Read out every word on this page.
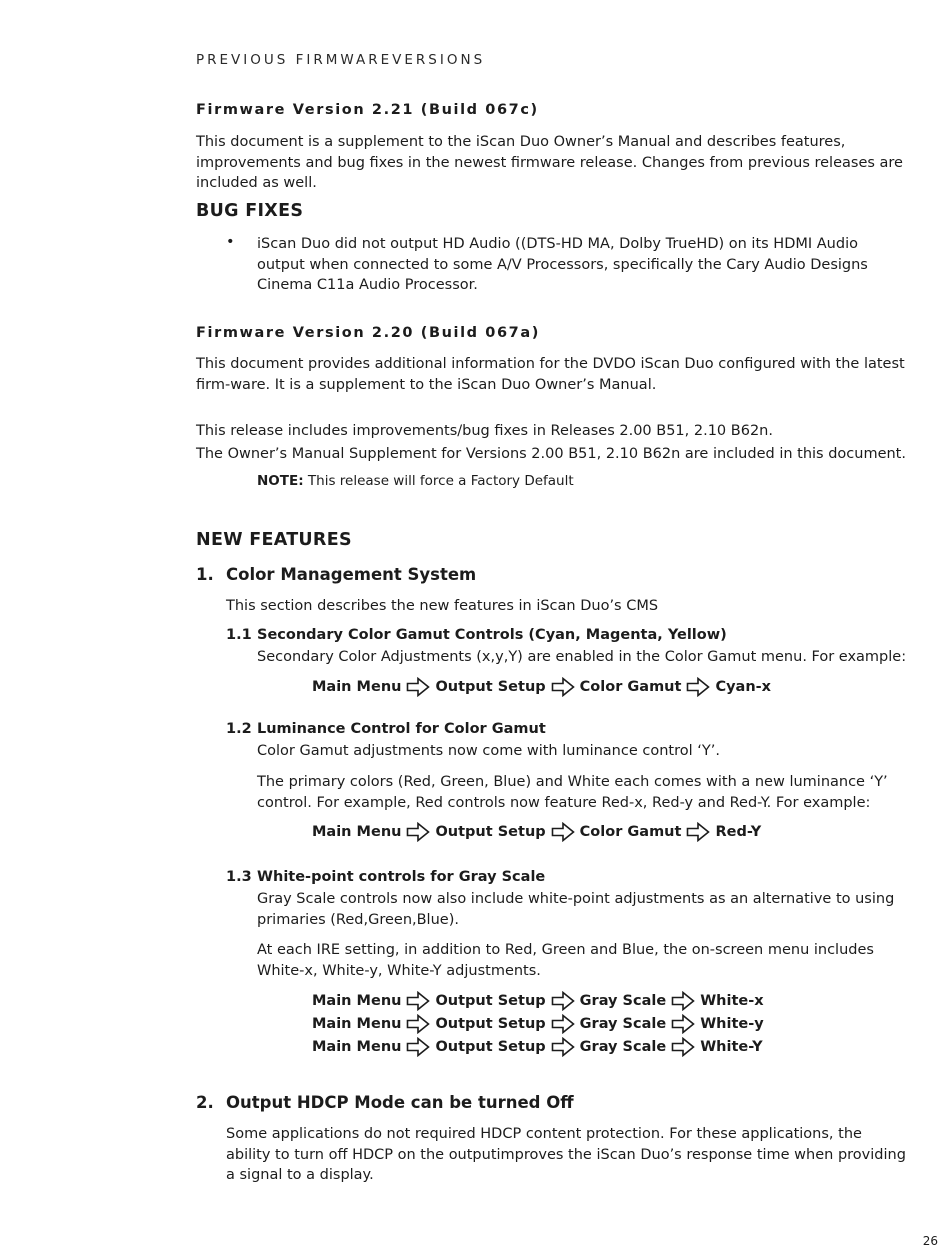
PREVIOUS FIRMWAREVERSIONS
Firmware Version 2.21 (Build 067c)
This document is a supplement to the iScan Duo Owner’s Manual and describes features, improvements and bug fixes in the newest firmware release. Changes from previous releases are included as well.
BUG FIXES
• iScan Duo did not output HD Audio ((DTS-HD MA, Dolby TrueHD) on its HDMI Audio output when connected to some A/V Processors, specifically the Cary Audio Designs Cinema C11a Audio Processor.
Firmware Version 2.20 (Build 067a)
This document provides additional information for the DVDO iScan Duo configured with the latest firm-ware. It is a supplement to the iScan Duo Owner’s Manual.
This release includes improvements/bug fixes in Releases 2.00 B51, 2.10 B62n.
The Owner’s Manual Supplement for Versions 2.00 B51, 2.10 B62n are included in this document.
NOTE: This release will force a Factory Default
NEW FEATURES
1. Color Management System
This section describes the new features in iScan Duo’s CMS
1.1 Secondary Color Gamut Controls (Cyan, Magenta, Yellow)
Secondary Color Adjustments (x,y,Y) are enabled in the Color Gamut menu. For example:
Main Menu Output Setup Color Gamut Cyan-x
1.2 Luminance Control for Color Gamut
Color Gamut adjustments now come with luminance control ‘Y’.
The primary colors (Red, Green, Blue) and White each comes with a new luminance ‘Y’ control. For example, Red controls now feature Red-x, Red-y and Red-Y. For example:
Main Menu Output Setup Color Gamut Red-Y
1.3 White-point controls for Gray Scale
Gray Scale controls now also include white-point adjustments as an alternative to using primaries (Red,Green,Blue).
At each IRE setting, in addition to Red, Green and Blue, the on-screen menu includes White-x, White-y, White-Y adjustments.
Main Menu Output Setup Gray Scale White-x
Main Menu Output Setup Gray Scale White-y
Main Menu Output Setup Gray Scale White-Y
2. Output HDCP Mode can be turned Off
Some applications do not required HDCP content protection. For these applications, the ability to turn off HDCP on the outputimproves the iScan Duo’s response time when providing a signal to a display.
26
